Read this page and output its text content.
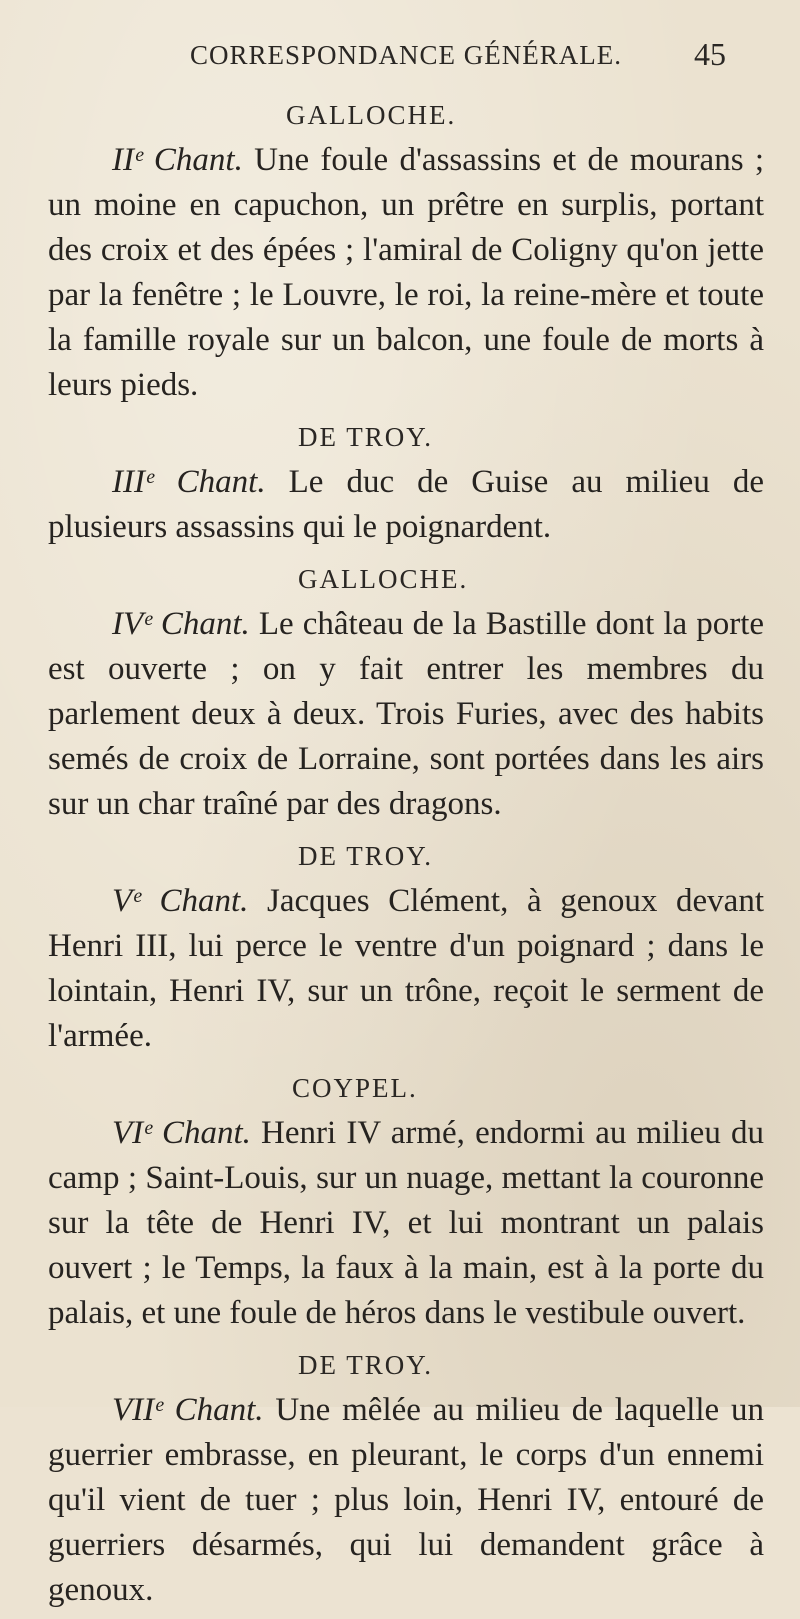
CORRESPONDANCE GÉNÉRALE. 45
GALLOCHE.

IIᵉ Chant. Une foule d'assassins et de mourans ; un moine en capuchon, un prêtre en surplis, portant des croix et des épées ; l'amiral de Coligny qu'on jette par la fenêtre ; le Louvre, le roi, la reine-mère et toute la famille royale sur un balcon, une foule de morts à leurs pieds.

DE TROY.

IIIᵉ Chant. Le duc de Guise au milieu de plusieurs assassins qui le poignardent.

GALLOCHE.

IVᵉ Chant. Le château de la Bastille dont la porte est ouverte ; on y fait entrer les membres du parlement deux à deux. Trois Furies, avec des habits semés de croix de Lorraine, sont portées dans les airs sur un char traîné par des dragons.

DE TROY.

Vᵉ Chant. Jacques Clément, à genoux devant Henri III, lui perce le ventre d'un poignard ; dans le lointain, Henri IV, sur un trône, reçoit le serment de l'armée.

COYPEL.

VIᵉ Chant. Henri IV armé, endormi au milieu du camp ; Saint-Louis, sur un nuage, mettant la couronne sur la tête de Henri IV, et lui montrant un palais ouvert ; le Temps, la faux à la main, est à la porte du palais, et une foule de héros dans le vestibule ouvert.

DE TROY.

VIIᵉ Chant. Une mêlée au milieu de laquelle un guerrier embrasse, en pleurant, le corps d'un ennemi qu'il vient de tuer ; plus loin, Henri IV, entouré de guerriers désarmés, qui lui demandent grâce à genoux.
